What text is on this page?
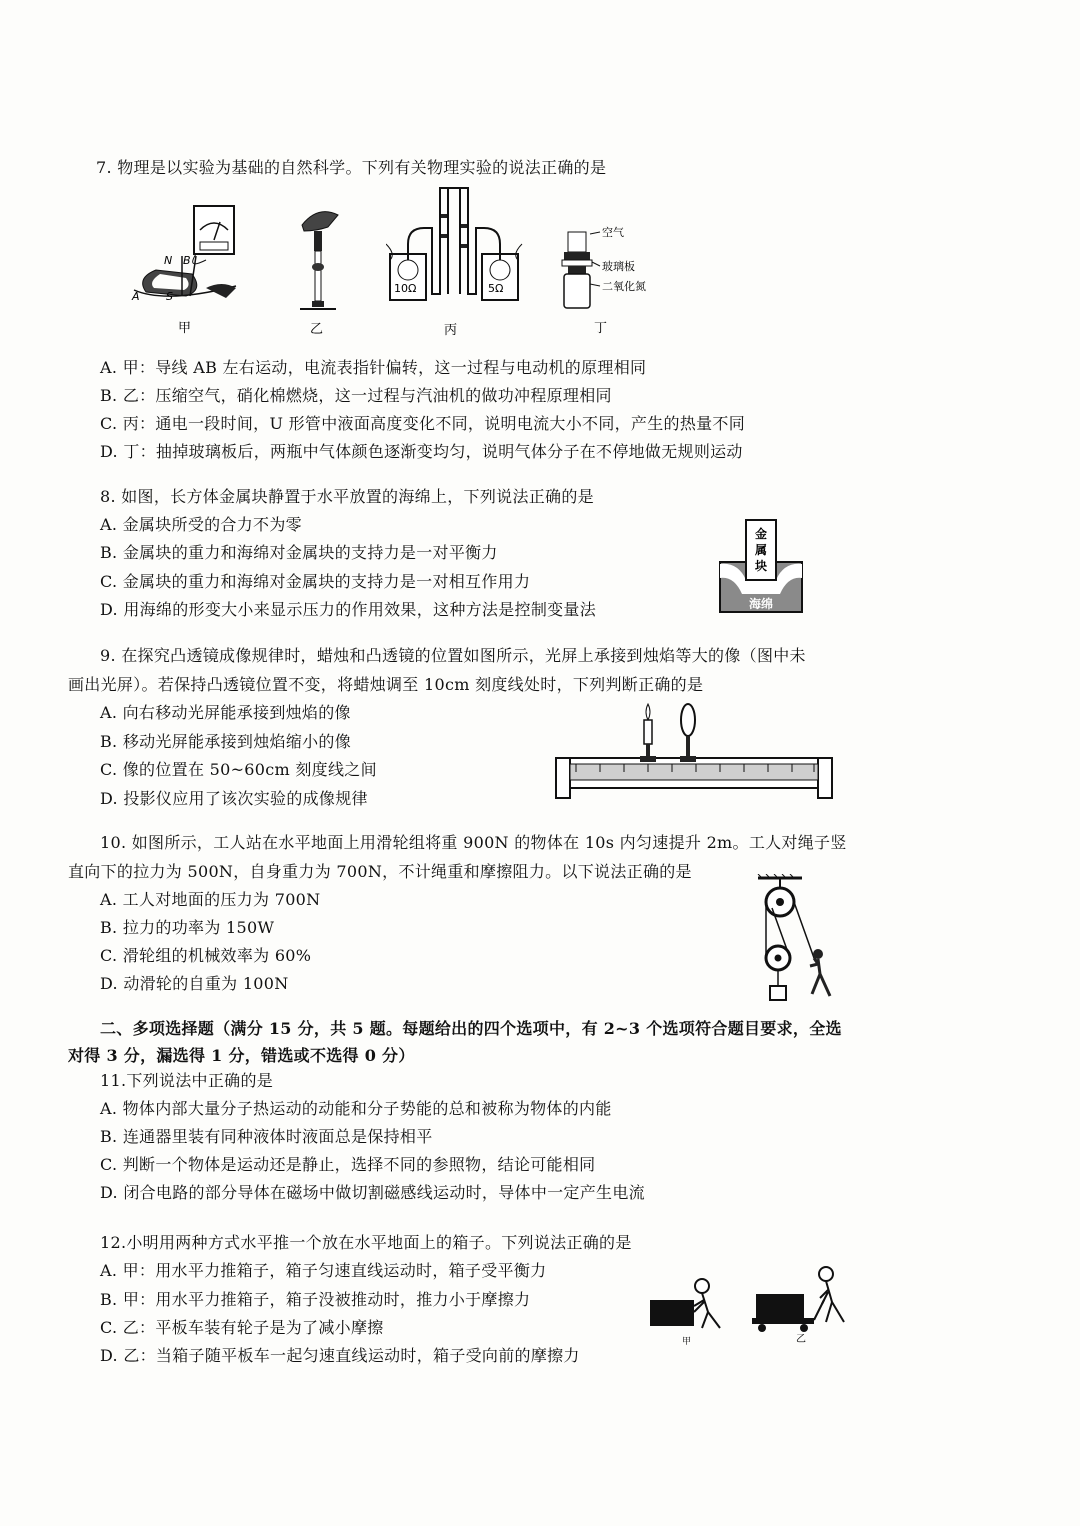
7. 物理是以实验为基础的自然科学。下列有关物理实验的说法正确的是
N B
A S
甲	乙
10Ω	5Ω
丙
空气
玻璃板
二氧化氮
丁
A. 甲：导线 AB 左右运动，电流表指针偏转，这一过程与电动机的原理相同
B. 乙：压缩空气，硝化棉燃烧，这一过程与汽油机的做功冲程原理相同
C. 丙：通电一段时间，U 形管中液面高度变化不同，说明电流大小不同，产生的热量不同
D. 丁：抽掉玻璃板后，两瓶中气体颜色逐渐变均匀，说明气体分子在不停地做无规则运动
8. 如图，长方体金属块静置于水平放置的海绵上，下列说法正确的是
A. 金属块所受的合力不为零
B. 金属块的重力和海绵对金属块的支持力是一对平衡力
C. 金属块的重力和海绵对金属块的支持力是一对相互作用力
D. 用海绵的形变大小来显示压力的作用效果，这种方法是控制变量法
金
属
块
海绵
9. 在探究凸透镜成像规律时，蜡烛和凸透镜的位置如图所示，光屏上承接到烛焰等大的像（图中未
画出光屏）。若保持凸透镜位置不变，将蜡烛调至 10cm 刻度线处时，下列判断正确的是
A. 向右移动光屏能承接到烛焰的像
B. 移动光屏能承接到烛焰缩小的像
C. 像的位置在 50~60cm 刻度线之间
D. 投影仪应用了该次实验的成像规律
10. 如图所示，工人站在水平地面上用滑轮组将重 900N 的物体在 10s 内匀速提升 2m。工人对绳子竖
直向下的拉力为 500N，自身重力为 700N，不计绳重和摩擦阻力。以下说法正确的是
A. 工人对地面的压力为 700N
B. 拉力的功率为 150W
C. 滑轮组的机械效率为 60%
D. 动滑轮的自重为 100N
二、多项选择题（满分 15 分，共 5 题。每题给出的四个选项中，有 2~3 个选项符合题目要求，全选
对得 3 分，漏选得 1 分，错选或不选得 0 分）
11.下列说法中正确的是
A. 物体内部大量分子热运动的动能和分子势能的总和被称为物体的内能
B. 连通器里装有同种液体时液面总是保持相平
C. 判断一个物体是运动还是静止，选择不同的参照物，结论可能相同
D. 闭合电路的部分导体在磁场中做切割磁感线运动时，导体中一定产生电流
12.小明用两种方式水平推一个放在水平地面上的箱子。下列说法正确的是
A. 甲：用水平力推箱子，箱子匀速直线运动时，箱子受平衡力
B. 甲：用水平力推箱子，箱子没被推动时，推力小于摩擦力
C. 乙：平板车装有轮子是为了减小摩擦
D. 乙：当箱子随平板车一起匀速直线运动时，箱子受向前的摩擦力
甲	乙
